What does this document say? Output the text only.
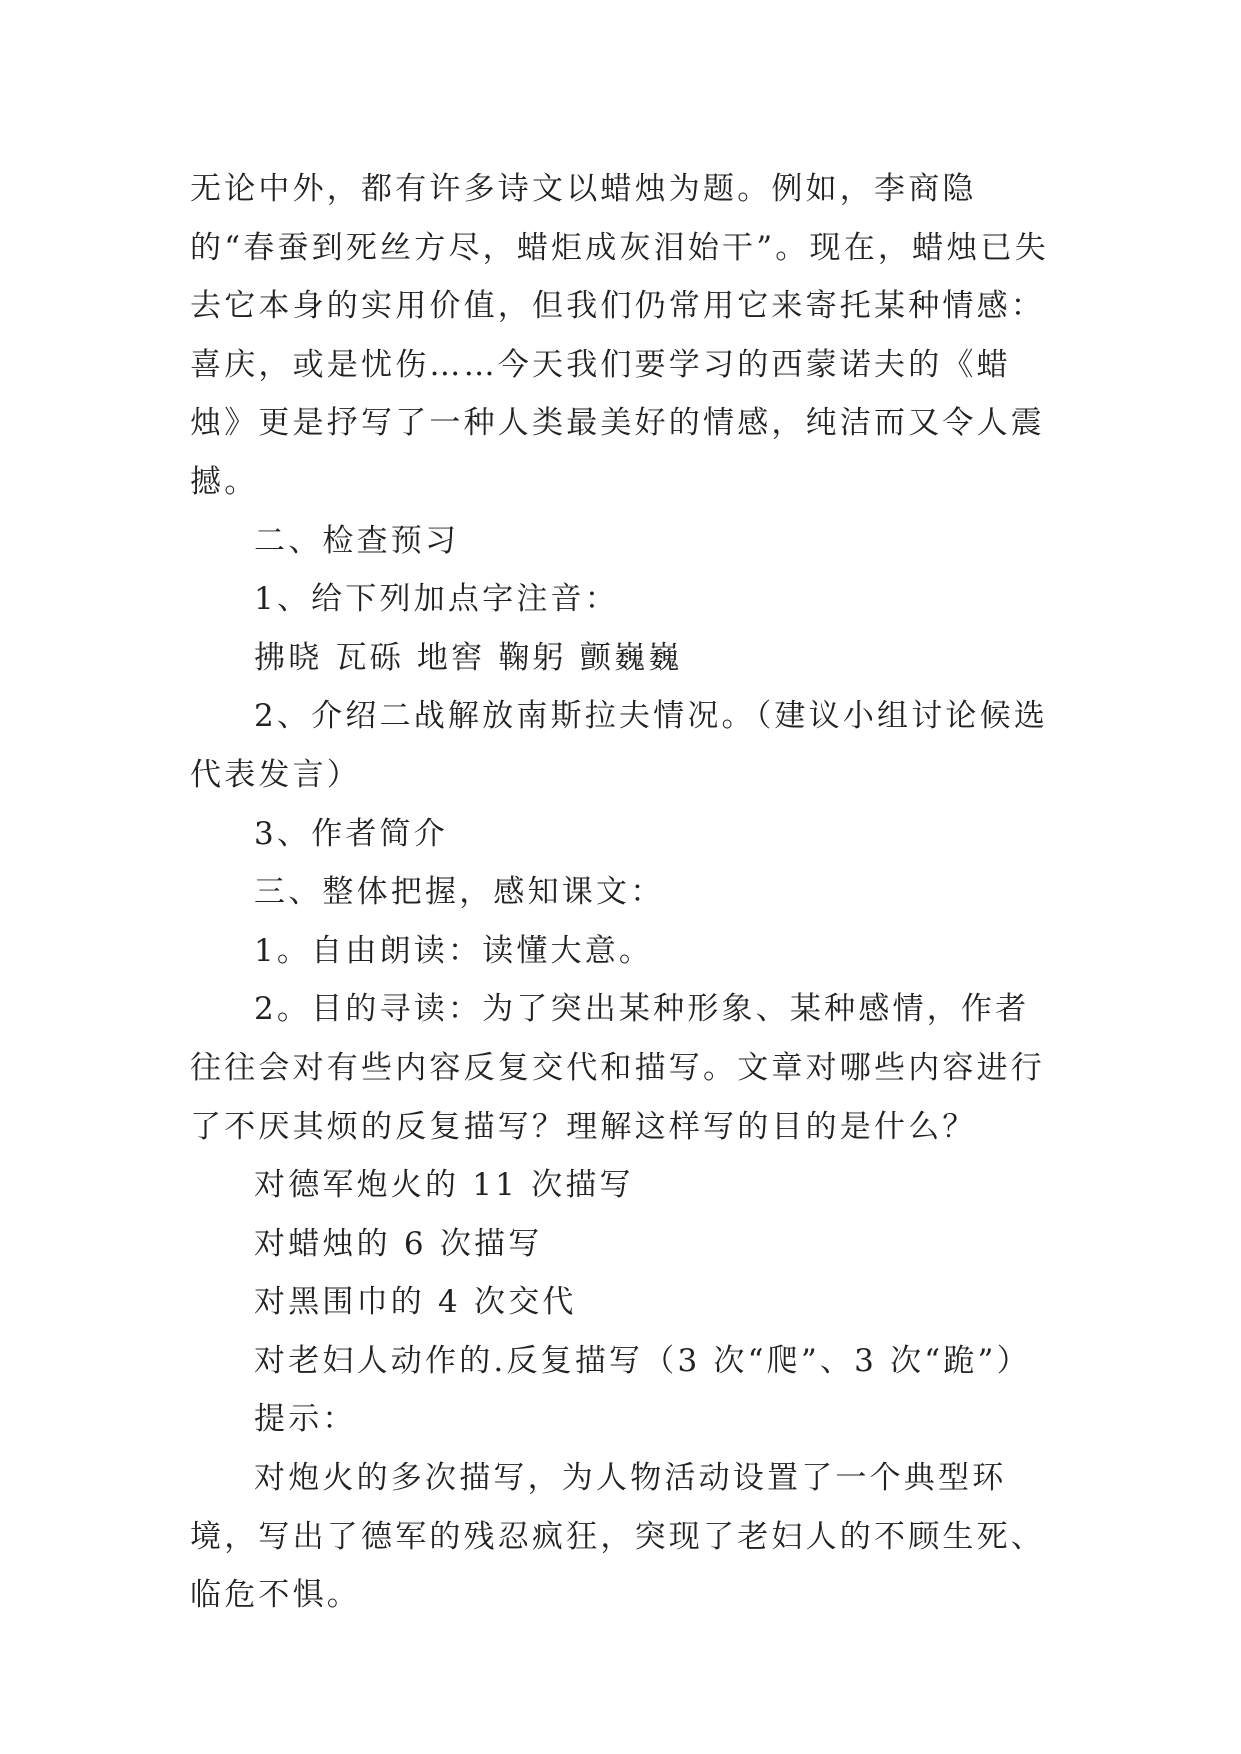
无论中外，都有许多诗文以蜡烛为题。例如，李商隐的“春蚕到死丝方尽，蜡炬成灰泪始干”。现在，蜡烛已失去它本身的实用价值，但我们仍常用它来寄托某种情感：喜庆，或是忧伤……今天我们要学习的西蒙诺夫的《蜡烛》更是抒写了一种人类最美好的情感，纯洁而又令人震撼。

二、检查预习

1、给下列加点字注音：

拂晓 瓦砾 地窖 鞠躬 颤巍巍

2、介绍二战解放南斯拉夫情况。（建议小组讨论候选代表发言）

3、作者简介

三、整体把握，感知课文：

1。自由朗读：读懂大意。

2。目的寻读：为了突出某种形象、某种感情，作者往往会对有些内容反复交代和描写。文章对哪些内容进行了不厌其烦的反复描写？理解这样写的目的是什么？

对德军炮火的 11 次描写

对蜡烛的 6 次描写

对黑围巾的 4 次交代

对老妇人动作的.反复描写（3 次“爬”、3 次“跪”）

提示：

对炮火的多次描写，为人物活动设置了一个典型环境，写出了德军的残忍疯狂，突现了老妇人的不顾生死、临危不惧。
